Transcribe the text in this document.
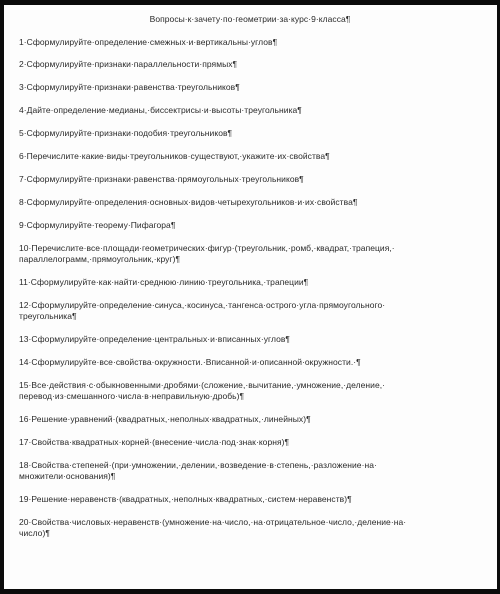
Вопросы·к·зачету·по·геометрии·за·курс·9·класса¶
1·Сформулируйте·определение·смежных·и·вертикальны·углов¶
2·Сформулируйте·признаки·параллельности·прямых¶
3·Сформулируйте·признаки·равенства·треугольников¶
4·Дайте·определение·медианы,·биссектрисы·и·высоты·треугольника¶
5·Сформулируйте·признаки·подобия·треугольников¶
6·Перечислите·какие·виды·треугольников·существуют,·укажите·их·свойства¶
7·Сформулируйте·признаки·равенства·прямоугольных·треугольников¶
8·Сформулируйте·определения·основных·видов·четырехугольников·и·их·свойства¶
9·Сформулируйте·теорему·Пифагора¶
10·Перечислите·все·площади·геометрических·фигур·(треугольник,·ромб,·квадрат,·трапеция,·
параллелограмм,·прямоугольник,·круг)¶
11·Сформулируйте·как·найти·среднюю·линию·треугольника,·трапеции¶
12·Сформулируйте·определение·синуса,·косинуса,·тангенса·острого·угла·прямоугольного·
треугольника¶
13·Сформулируйте·определение·центральных·и·вписанных·углов¶
14·Сформулируйте·все·свойства·окружности.·Вписанной·и·описанной·окружности.·¶
15·Все·действия·с·обыкновенными·дробями·(сложение,·вычитание,·умножение,·деление,·
перевод·из·смешанного·числа·в·неправильную·дробь)¶
16·Решение·уравнений·(квадратных,·неполных·квадратных,·линейных)¶
17·Свойства·квадратных·корней·(внесение·числа·под·знак·корня)¶
18·Свойства·степеней·(при·умножении,·делении,·возведение·в·степень,·разложение·на·
множители·основания)¶
19·Решение·неравенств·(квадратных,·неполных·квадратных,·систем·неравенств)¶
20·Свойства·числовых·неравенств·(умножение·на·число,·на·отрицательное·число,·деление·на·
число)¶
